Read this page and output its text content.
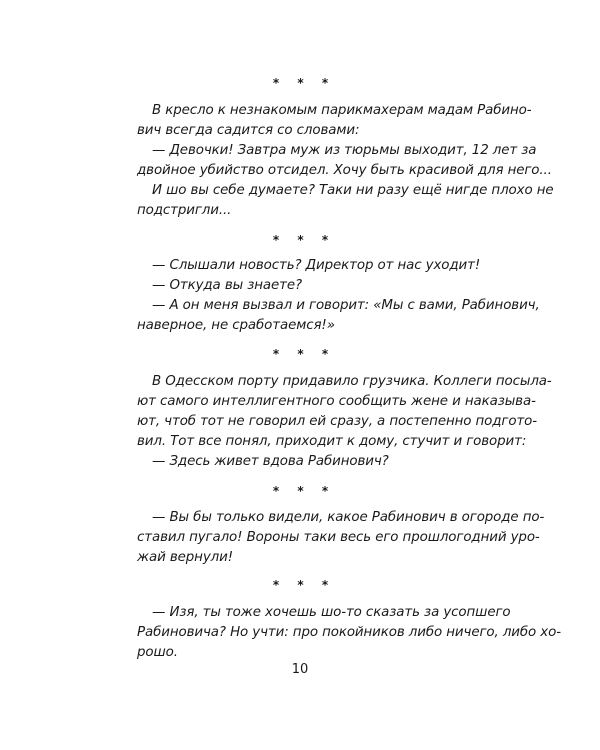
* * *
В кресло к незнакомым парикмахерам мадам Рабино-
вич всегда садится со словами:
— Девочки! Завтра муж из тюрьмы выходит, 12 лет за
двойное убийство отсидел. Хочу быть красивой для него...
И шо вы себе думаете? Таки ни разу ещё нигде плохо не
подстригли...
* * *
— Слышали новость? Директор от нас уходит!
— Откуда вы знаете?
— А он меня вызвал и говорит: «Мы с вами, Рабинович,
наверное, не сработаемся!»
* * *
В Одесском порту придавило грузчика. Коллеги посыла-
ют самого интеллигентного сообщить жене и наказыва-
ют, чтоб тот не говорил ей сразу, а постепенно подгото-
вил. Тот все понял, приходит к дому, стучит и говорит:
— Здесь живет вдова Рабинович?
* * *
— Вы бы только видели, какое Рабинович в огороде по-
ставил пугало! Вороны таки весь его прошлогодний уро-
жай вернули!
* * *
— Изя, ты тоже хочешь шо-то сказать за усопшего
Рабиновича? Но учти: про покойников либо ничего, либо хо-
рошо.
10
